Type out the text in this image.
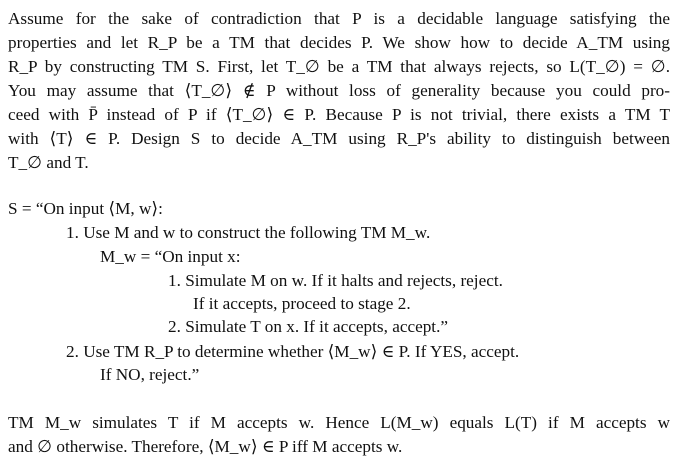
Assume for the sake of contradiction that P is a decidable language satisfying the
properties and let R_P be a TM that decides P. We show how to decide A_TM using
R_P by constructing TM S. First, let T_∅ be a TM that always rejects, so L(T_∅) = ∅.
You may assume that ⟨T_∅⟩ ∉ P without loss of generality because you could pro-
ceed with P̄ instead of P if ⟨T_∅⟩ ∈ P. Because P is not trivial, there exists a TM T
with ⟨T⟩ ∈ P. Design S to decide A_TM using R_P's ability to distinguish between
T_∅ and T.
S = “On input ⟨M, w⟩:
1. Use M and w to construct the following TM M_w.
M_w = “On input x:
1. Simulate M on w. If it halts and rejects, reject.
If it accepts, proceed to stage 2.
2. Simulate T on x. If it accepts, accept.”
2. Use TM R_P to determine whether ⟨M_w⟩ ∈ P. If YES, accept.
If NO, reject.”
TM M_w simulates T if M accepts w. Hence L(M_w) equals L(T) if M accepts w
and ∅ otherwise. Therefore, ⟨M_w⟩ ∈ P iff M accepts w.
